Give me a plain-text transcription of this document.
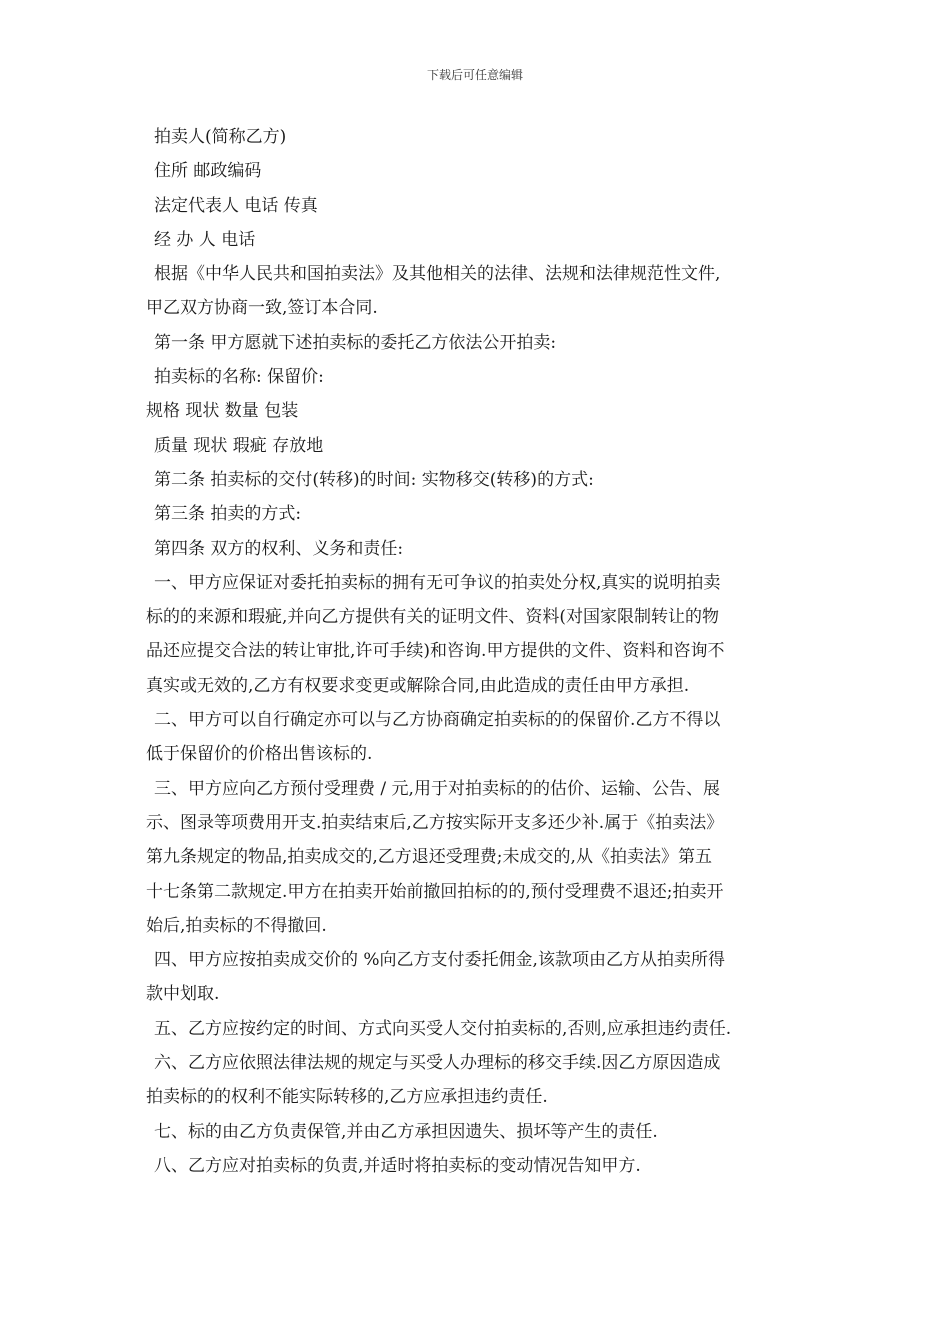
下载后可任意编辑
拍卖人(简称乙方)
住所 邮政编码
法定代表人 电话 传真
经 办 人 电话
根据《中华人民共和国拍卖法》及其他相关的法律、法规和法律规范性文件,
甲乙双方协商一致,签订本合同.
第一条 甲方愿就下述拍卖标的委托乙方依法公开拍卖:
拍卖标的名称: 保留价:
规格 现状 数量 包装
质量 现状 瑕疵 存放地
第二条 拍卖标的交付(转移)的时间: 实物移交(转移)的方式:
第三条 拍卖的方式:
第四条 双方的权利、义务和责任:
一、甲方应保证对委托拍卖标的拥有无可争议的拍卖处分权,真实的说明拍卖
标的的来源和瑕疵,并向乙方提供有关的证明文件、资料(对国家限制转让的物
品还应提交合法的转让审批,许可手续)和咨询.甲方提供的文件、资料和咨询不
真实或无效的,乙方有权要求变更或解除合同,由此造成的责任由甲方承担.
二、甲方可以自行确定亦可以与乙方协商确定拍卖标的的保留价.乙方不得以
低于保留价的价格出售该标的.
三、甲方应向乙方预付受理费 / 元,用于对拍卖标的的估价、运输、公告、展
示、图录等项费用开支.拍卖结束后,乙方按实际开支多还少补.属于《拍卖法》
第九条规定的物品,拍卖成交的,乙方退还受理费;未成交的,从《拍卖法》第五
十七条第二款规定.甲方在拍卖开始前撤回拍标的的,预付受理费不退还;拍卖开
始后,拍卖标的不得撤回.
四、甲方应按拍卖成交价的 %向乙方支付委托佣金,该款项由乙方从拍卖所得
款中划取.
五、乙方应按约定的时间、方式向买受人交付拍卖标的,否则,应承担违约责任.
六、乙方应依照法律法规的规定与买受人办理标的移交手续.因乙方原因造成
拍卖标的的权利不能实际转移的,乙方应承担违约责任.
七、标的由乙方负责保管,并由乙方承担因遗失、损坏等产生的责任.
八、乙方应对拍卖标的负责,并适时将拍卖标的变动情况告知甲方.
